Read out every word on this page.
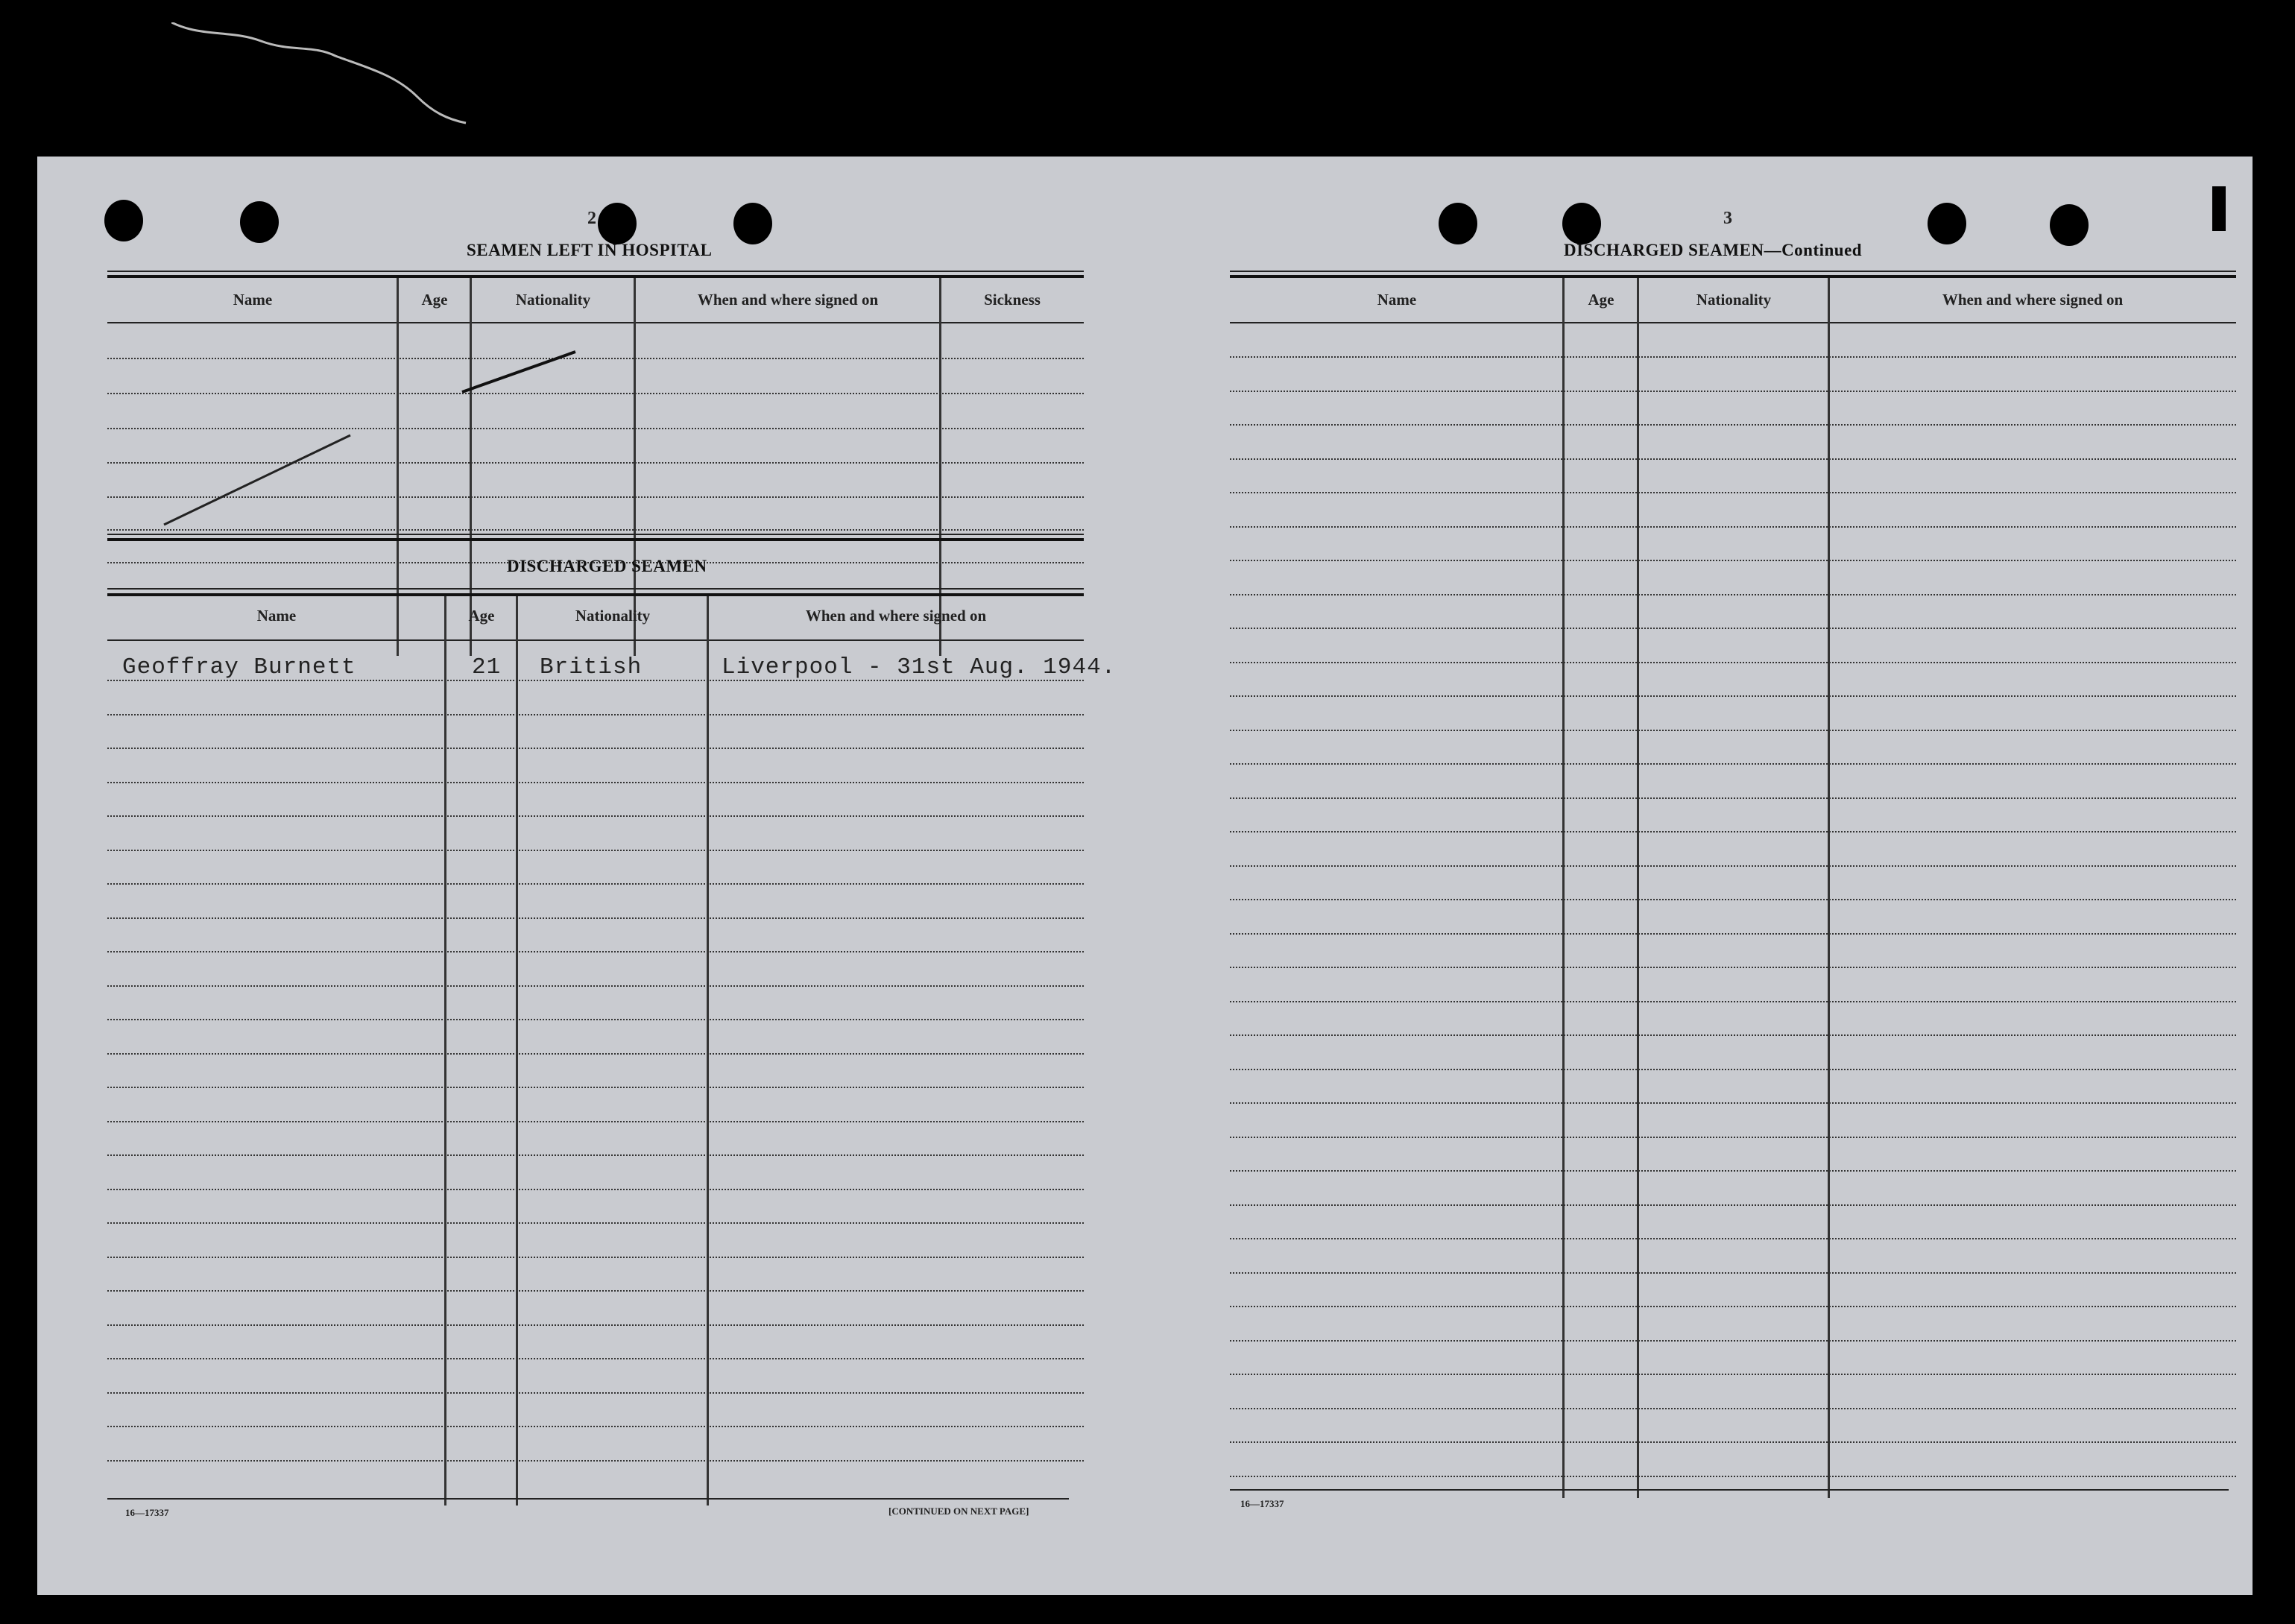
2
SEAMEN LEFT IN HOSPITAL
Name	Age	Nationality	When and where signed on	Sickness
DISCHARGED SEAMEN
Name	Age	Nationality	When and where signed on
Geoffray Burnett	21 British	Liverpool - 31st Aug. 1944.
16—17337	[CONTINUED ON NEXT PAGE]
3
DISCHARGED SEAMEN—Continued
Name	Age	Nationality	When and where signed on
16—17337
